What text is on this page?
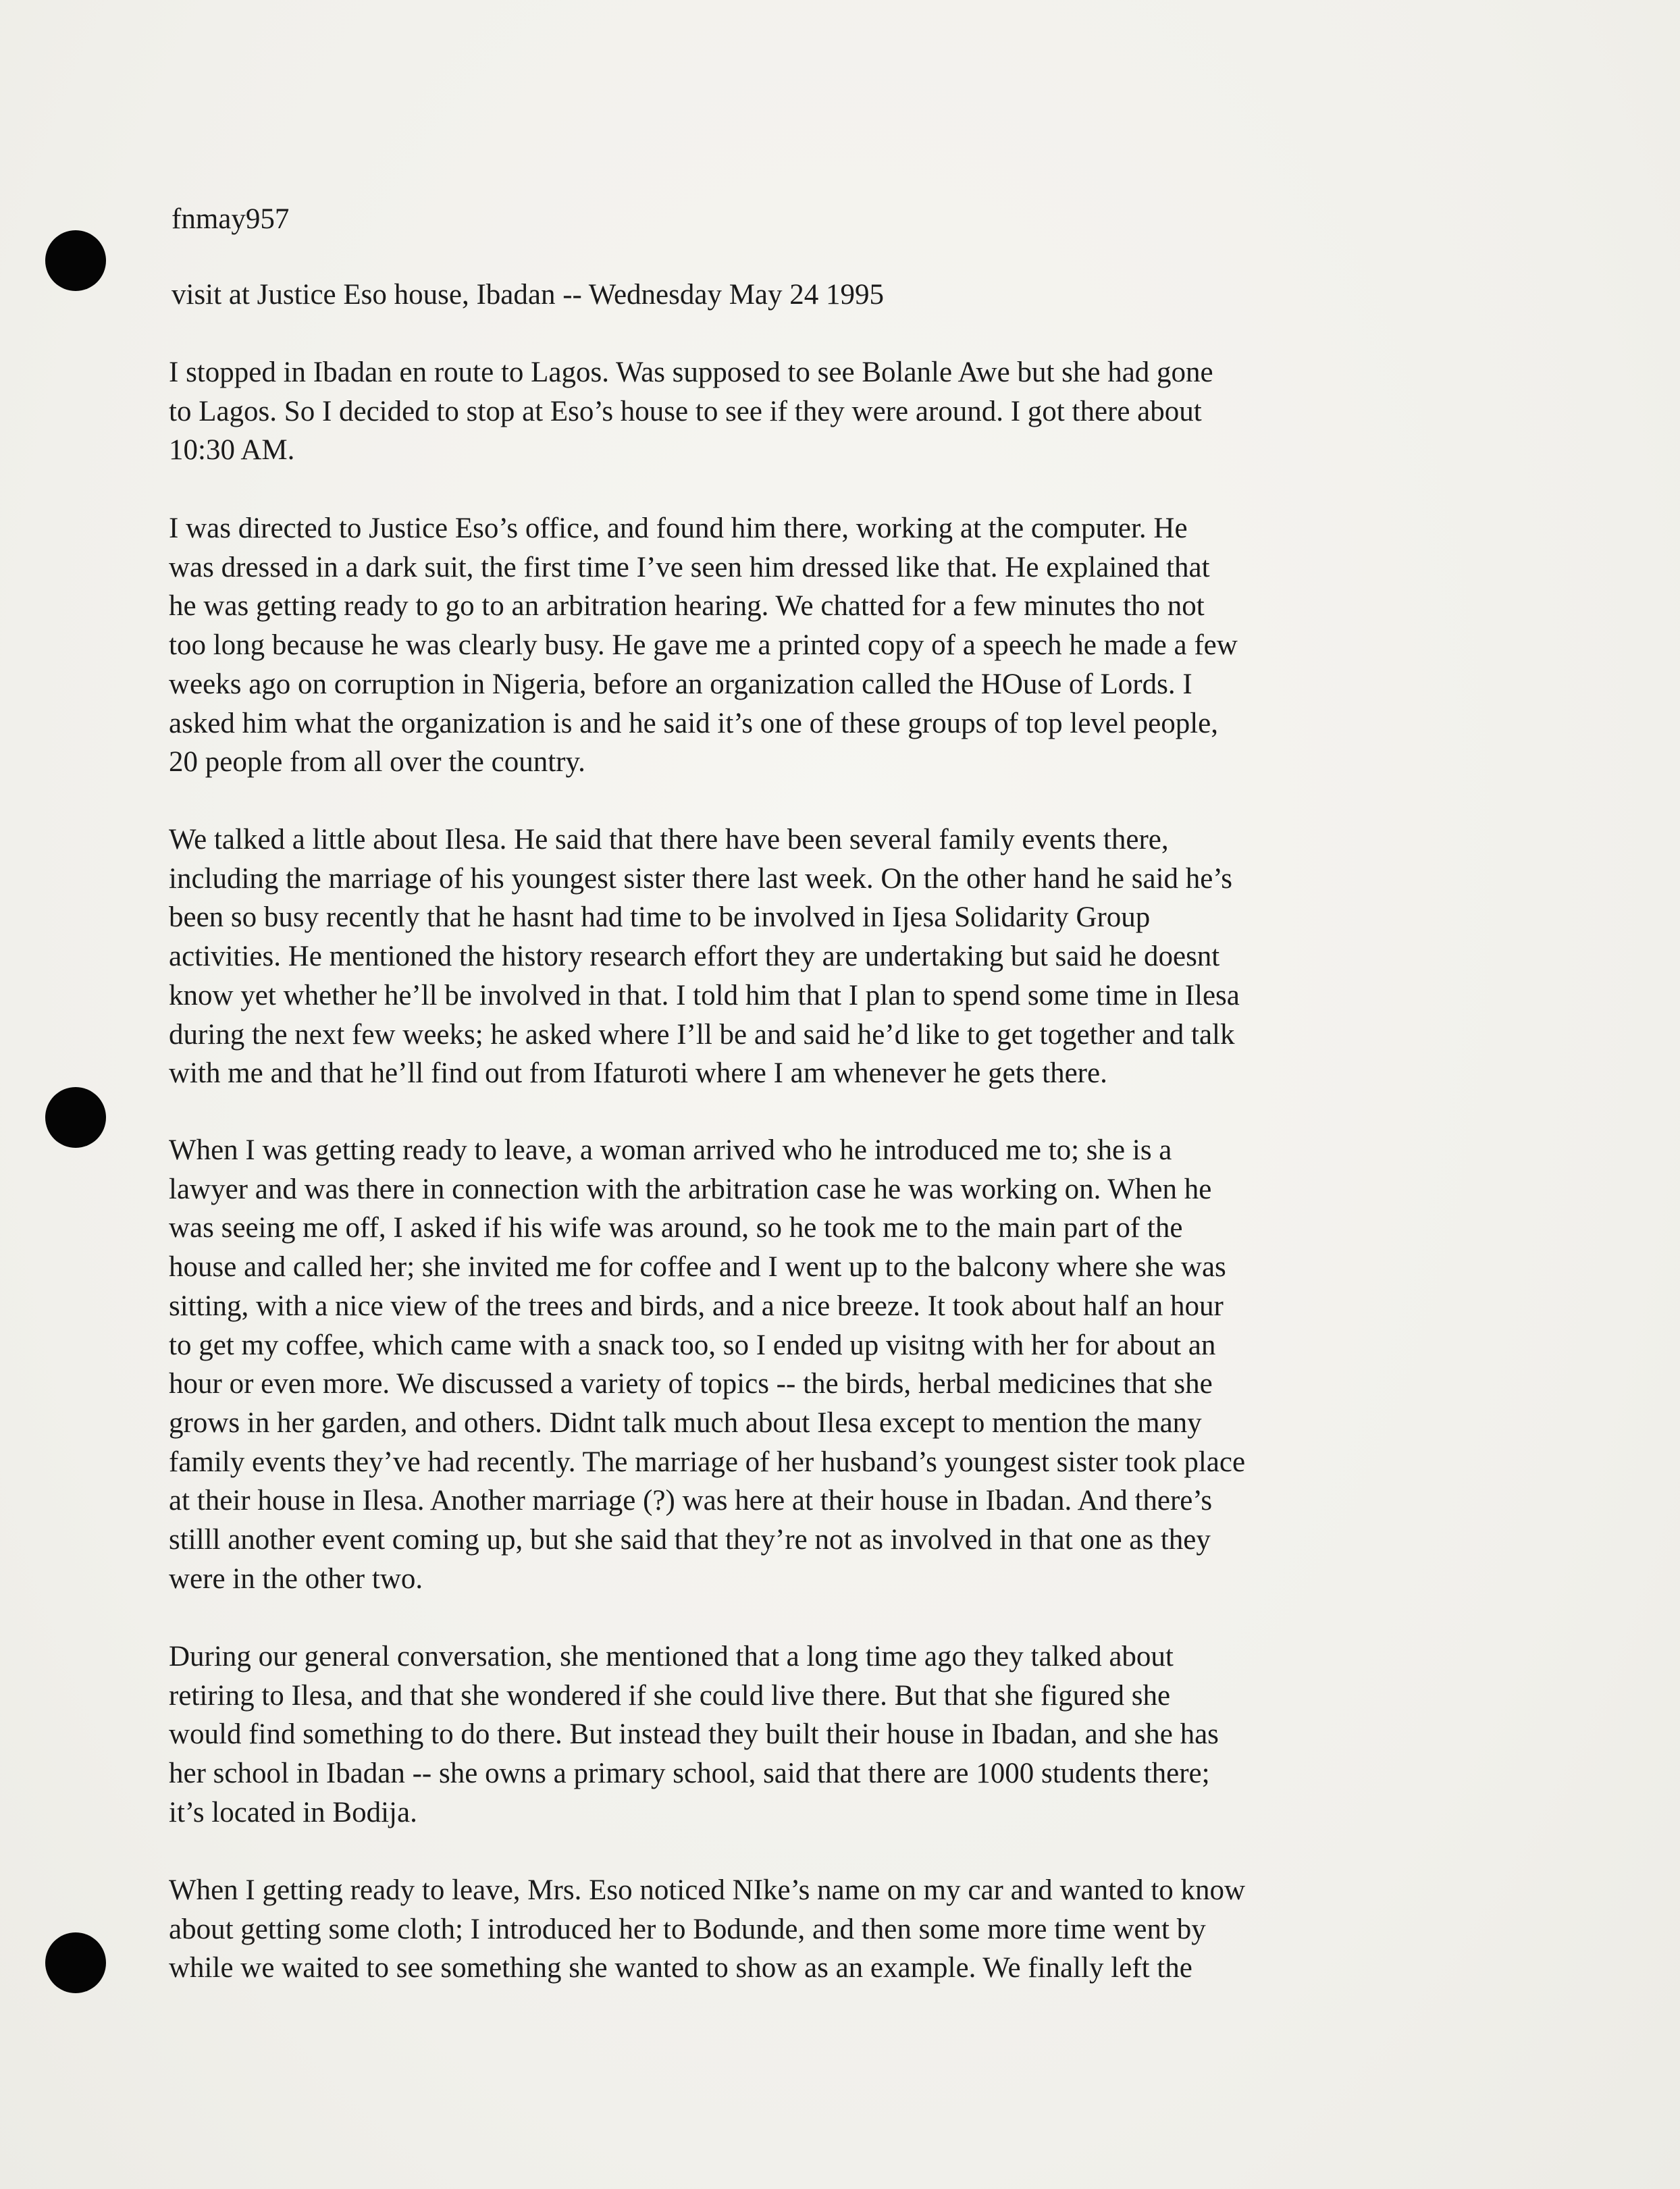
fnmay957
visit at Justice Eso house, Ibadan -- Wednesday May 24 1995
I stopped in Ibadan en route to Lagos. Was supposed to see Bolanle Awe but she had gone
to Lagos. So I decided to stop at Eso’s house to see if they were around. I got there about
10:30 AM.
I was directed to Justice Eso’s office, and found him there, working at the computer. He
was dressed in a dark suit, the first time I’ve seen him dressed like that. He explained that
he was getting ready to go to an arbitration hearing. We chatted for a few minutes tho not
too long because he was clearly busy. He gave me a printed copy of a speech he made a few
weeks ago on corruption in Nigeria, before an organization called the HOuse of Lords. I
asked him what the organization is and he said it’s one of these groups of top level people,
20 people from all over the country.
We talked a little about Ilesa. He said that there have been several family events there,
including the marriage of his youngest sister there last week. On the other hand he said he’s
been so busy recently that he hasnt had time to be involved in Ijesa Solidarity Group
activities. He mentioned the history research effort they are undertaking but said he doesnt
know yet whether he’ll be involved in that. I told him that I plan to spend some time in Ilesa
during the next few weeks; he asked where I’ll be and said he’d like to get together and talk
with me and that he’ll find out from Ifaturoti where I am whenever he gets there.
When I was getting ready to leave, a woman arrived who he introduced me to; she is a
lawyer and was there in connection with the arbitration case he was working on. When he
was seeing me off, I asked if his wife was around, so he took me to the main part of the
house and called her; she invited me for coffee and I went up to the balcony where she was
sitting, with a nice view of the trees and birds, and a nice breeze. It took about half an hour
to get my coffee, which came with a snack too, so I ended up visitng with her for about an
hour or even more. We discussed a variety of topics -- the birds, herbal medicines that she
grows in her garden, and others. Didnt talk much about Ilesa except to mention the many
family events they’ve had recently. The marriage of her husband’s youngest sister took place
at their house in Ilesa. Another marriage (?) was here at their house in Ibadan. And there’s
stilll another event coming up, but she said that they’re not as involved in that one as they
were in the other two.
During our general conversation, she mentioned that a long time ago they talked about
retiring to Ilesa, and that she wondered if she could live there. But that she figured she
would find something to do there. But instead they built their house in Ibadan, and she has
her school in Ibadan -- she owns a primary school, said that there are 1000 students there;
it’s located in Bodija.
When I getting ready to leave, Mrs. Eso noticed NIke’s name on my car and wanted to know
about getting some cloth; I introduced her to Bodunde, and then some more time went by
while we waited to see something she wanted to show as an example. We finally left the
